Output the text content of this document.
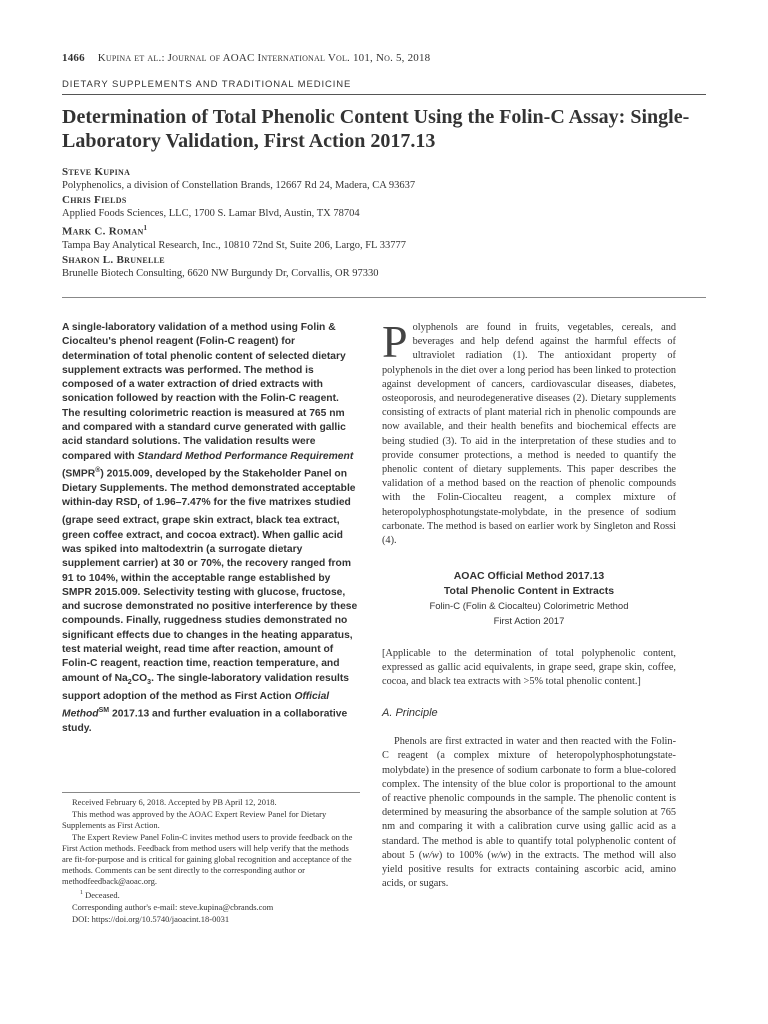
1466 Kupina et al.: Journal of AOAC International Vol. 101, No. 5, 2018
DIETARY SUPPLEMENTS AND TRADITIONAL MEDICINE
Determination of Total Phenolic Content Using the Folin-C Assay: Single-Laboratory Validation, First Action 2017.13
Steve Kupina
Polyphenolics, a division of Constellation Brands, 12667 Rd 24, Madera, CA 93637
Chris Fields
Applied Foods Sciences, LLC, 1700 S. Lamar Blvd, Austin, TX 78704
Mark C. Roman$^1$
Tampa Bay Analytical Research, Inc., 10810 72nd St, Suite 206, Largo, FL 33777
Sharon L. Brunelle
Brunelle Biotech Consulting, 6620 NW Burgundy Dr, Corvallis, OR 97330
A single-laboratory validation of a method using Folin & Ciocalteu's phenol reagent (Folin-C reagent) for determination of total phenolic content of selected dietary supplement extracts was performed. The method is composed of a water extraction of dried extracts with sonication followed by reaction with the Folin-C reagent. The resulting colorimetric reaction is measured at 765 nm and compared with a standard curve generated with gallic acid standard solutions. The validation results were compared with Standard Method Performance Requirement (SMPR®) 2015.009, developed by the Stakeholder Panel on Dietary Supplements. The method demonstrated acceptable within-day $RSD_r$ of 1.96–7.47% for the five matrixes studied (grape seed extract, grape skin extract, black tea extract, green coffee extract, and cocoa extract). When gallic acid was spiked into maltodextrin (a surrogate dietary supplement carrier) at 30 or 70%, the recovery ranged from 91 to 104%, within the acceptable range established by SMPR 2015.009. Selectivity testing with glucose, fructose, and sucrose demonstrated no positive interference by these compounds. Finally, ruggedness studies demonstrated no significant effects due to changes in the heating apparatus, test material weight, read time after reaction, amount of Folin-C reagent, reaction time, reaction temperature, and amount of $Na_2CO_3$. The single-laboratory validation results support adoption of the method as First Action Official Method℠ 2017.13 and further evaluation in a collaborative study.

Received February 6, 2018. Accepted by PB April 12, 2018.

This method was approved by the AOAC Expert Review Panel for Dietary Supplements as First Action.

The Expert Review Panel Folin-C invites method users to provide feedback on the First Action methods. Feedback from method users will help verify that the methods are fit-for-purpose and is critical for gaining global recognition and acceptance of the methods. Comments can be sent directly to the corresponding author or methodfeedback@aoac.org.

$^1$ Deceased.

Corresponding author's e-mail: steve.kupina@cbrands.com

DOI: https://doi.org/10.5740/jaoacint.18-0031

Polyphenols are found in fruits, vegetables, cereals, and beverages and help defend against the harmful effects of ultraviolet radiation (1). The antioxidant property of polyphenols in the diet over a long period has been linked to protection against development of cancers, cardiovascular diseases, diabetes, osteoporosis, and neurodegenerative diseases (2). Dietary supplements consisting of extracts of plant material rich in phenolic compounds are now available, and their health benefits and biochemical effects are being studied (3). To aid in the interpretation of these studies and to provide consumer protections, a method is needed to quantify the phenolic content of dietary supplements. This paper describes the validation of a method based on the reaction of phenolic compounds with the Folin-Ciocalteu reagent, a complex mixture of heteropolyphosphotungstate-molybdate, in the presence of sodium carbonate. The method is based on earlier work by Singleton and Rossi (4).

AOAC Official Method 2017.13
Total Phenolic Content in Extracts
Folin-C (Folin & Ciocalteu) Colorimetric Method
First Action 2017
[Applicable to the determination of total polyphenolic content, expressed as gallic acid equivalents, in grape seed, grape skin, coffee, cocoa, and black tea extracts with >5% total phenolic content.]
A. Principle
Phenols are first extracted in water and then reacted with the Folin-C reagent (a complex mixture of heteropolyphosphotungstate-molybdate) in the presence of sodium carbonate to form a blue-colored complex. The intensity of the blue color is proportional to the amount of reactive phenolic compounds in the sample. The phenolic content is determined by measuring the absorbance of the sample solution at 765 nm and comparing it with a calibration curve using gallic acid as a standard. The method is able to quantify total polyphenolic content of about 5 (w/w) to 100% (w/w) in the extracts. The method will also yield positive results for extracts containing ascorbic acid, amino acids, or sugars.
